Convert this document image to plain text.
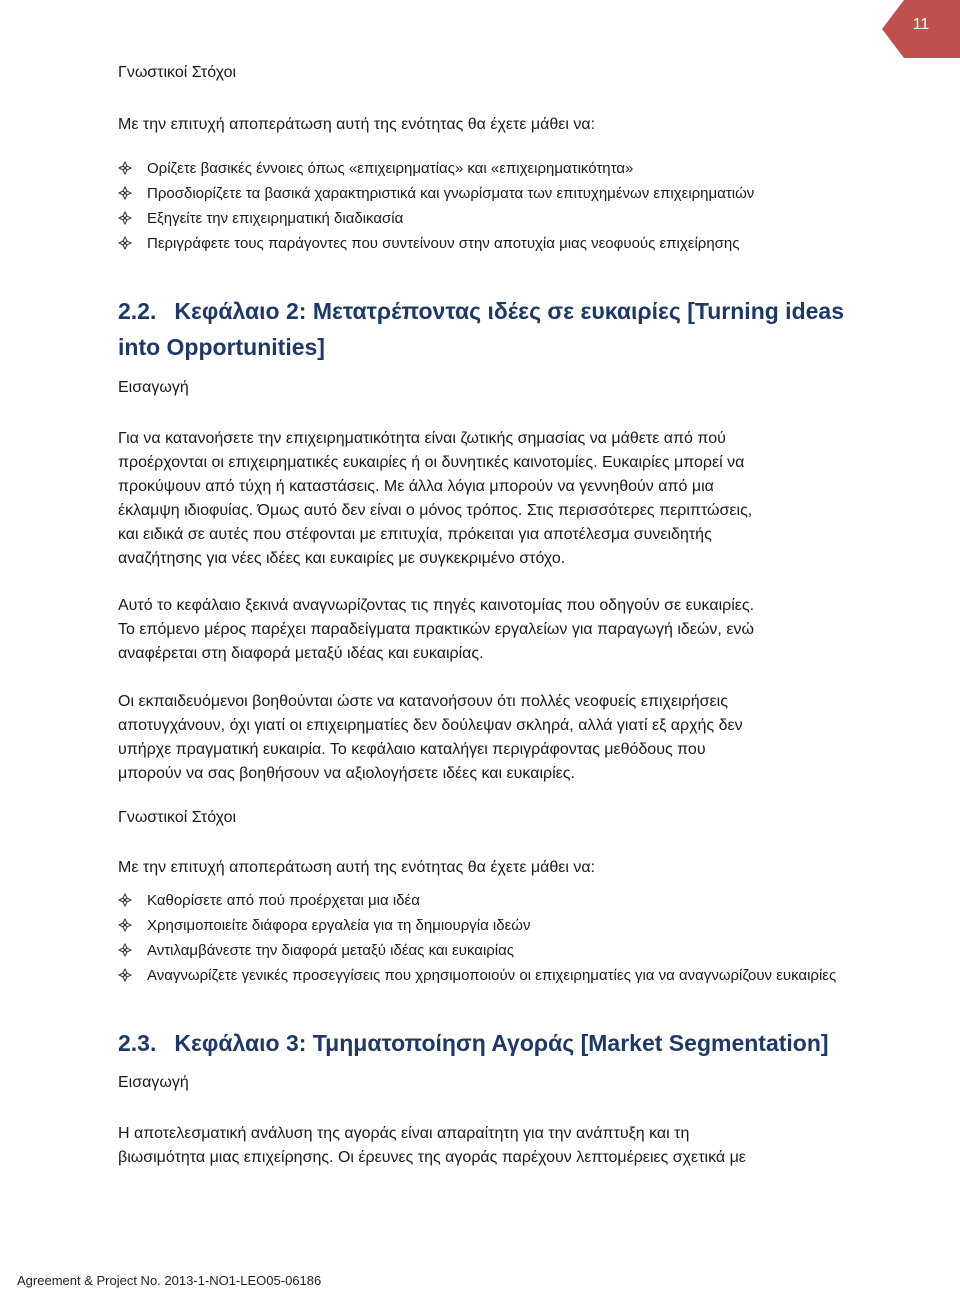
11
Γνωστικοί Στόχοι

Με την επιτυχή αποπεράτωση αυτή της ενότητας θα έχετε μάθει να:

Ορίζετε βασικές έννοιες όπως «επιχειρηματίας» και «επιχειρηματικότητα»
Προσδιορίζετε τα βασικά χαρακτηριστικά και γνωρίσματα των επιτυχημένων επιχειρηματιών
Εξηγείτε την επιχειρηματική διαδικασία
Περιγράφετε τους παράγοντες που συντείνουν στην αποτυχία μιας νεοφυούς επιχείρησης
2.2. Κεφάλαιο 2: Μετατρέποντας ιδέες σε ευκαιρίες [Turning ideas
into Opportunities]
Εισαγωγή
Για να κατανοήσετε την επιχειρηματικότητα είναι ζωτικής σημασίας να μάθετε από πού
προέρχονται οι επιχειρηματικές ευκαιρίες ή οι δυνητικές καινοτομίες. Ευκαιρίες μπορεί να
προκύψουν από τύχη ή καταστάσεις. Με άλλα λόγια μπορούν να γεννηθούν από μια
έκλαμψη ιδιοφυίας. Όμως αυτό δεν είναι ο μόνος τρόπος. Στις περισσότερες περιπτώσεις,
και ειδικά σε αυτές που στέφονται με επιτυχία, πρόκειται για αποτέλεσμα συνειδητής
αναζήτησης για νέες ιδέες και ευκαιρίες με συγκεκριμένο στόχο.
Αυτό το κεφάλαιο ξεκινά αναγνωρίζοντας τις πηγές καινοτομίας που οδηγούν σε ευκαιρίες.
Το επόμενο μέρος παρέχει παραδείγματα πρακτικών εργαλείων για παραγωγή ιδεών, ενώ
αναφέρεται στη διαφορά μεταξύ ιδέας και ευκαιρίας.
Οι εκπαιδευόμενοι βοηθούνται ώστε να κατανοήσουν ότι πολλές νεοφυείς επιχειρήσεις
αποτυγχάνουν, όχι γιατί οι επιχειρηματίες δεν δούλεψαν σκληρά, αλλά γιατί εξ αρχής δεν
υπήρχε πραγματική ευκαιρία. Το κεφάλαιο καταλήγει περιγράφοντας μεθόδους που
μπορούν να σας βοηθήσουν να αξιολογήσετε ιδέες και ευκαιρίες.
Γνωστικοί Στόχοι

Με την επιτυχή αποπεράτωση αυτή της ενότητας θα έχετε μάθει να:

Καθορίσετε από πού προέρχεται μια ιδέα
Χρησιμοποιείτε διάφορα εργαλεία για τη δημιουργία ιδεών
Αντιλαμβάνεστε την διαφορά μεταξύ ιδέας και ευκαιρίας
Αναγνωρίζετε γενικές προσεγγίσεις που χρησιμοποιούν οι επιχειρηματίες για να αναγνωρίζουν ευκαιρίες
2.3. Κεφάλαιο 3: Τμηματοποίηση Αγοράς [Market Segmentation]
Εισαγωγή
Η αποτελεσματική ανάλυση της αγοράς είναι απαραίτητη για την ανάπτυξη και τη
βιωσιμότητα μιας επιχείρησης. Οι έρευνες της αγοράς παρέχουν λεπτομέρειες σχετικά με
Agreement & Project No. 2013-1-NO1-LEO05-06186
